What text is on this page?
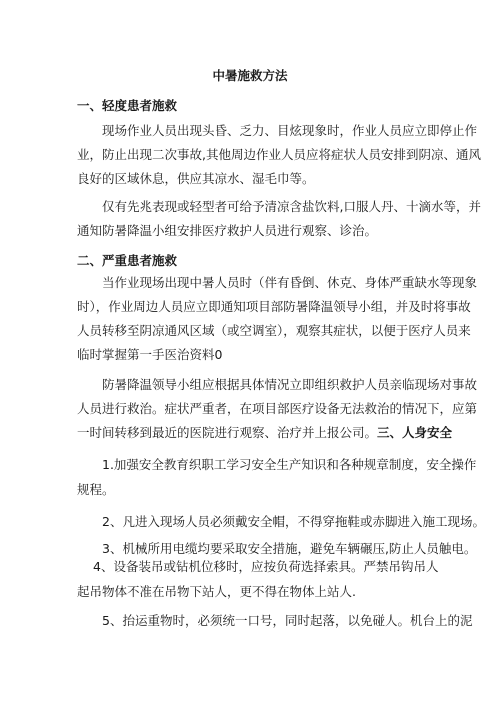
中暑施救方法
一、轻度患者施救
现场作业人员出现头昏、乏力、目炫现象时，作业人员应立即停止作
业，防止出现二次事故,其他周边作业人员应将症状人员安排到阴凉、通风
良好的区域休息，供应其凉水、湿毛巾等。
仅有先兆表现或轻型者可给予清凉含盐饮料,口服人丹、十滴水等，并
通知防暑降温小组安排医疗救护人员进行观察、诊治。
二、严重患者施救
当作业现场出现中暑人员时（伴有昏倒、休克、身体严重缺水等现象
时），作业周边人员应立即通知项目部防暑降温领导小组，并及时将事故
人员转移至阴凉通风区域（或空调室），观察其症状，以便于医疗人员来
临时掌握第一手医治资料0
防暑降温领导小组应根据具体情况立即组织救护人员亲临现场对事故
人员进行救治。症状严重者，在项目部医疗设备无法救治的情况下，应第
一时间转移到最近的医院进行观察、治疗并上报公司。三、人身安全
1.加强安全教育织职工学习安全生产知识和各种规章制度，安全操作
规程。
2、凡进入现场人员必须戴安全帽，不得穿拖鞋或赤脚进入施工现场。
3、机械所用电缆均要采取安全措施，避免车辆碾压,防止人员触电。
4、设备装吊或钻机位移时，应按负荷选择索具。严禁吊钩吊人
起吊物体不准在吊物下站人，更不得在物体上站人.
5、抬运重物时，必须统一口号，同时起落，以免碰人。机台上的泥
